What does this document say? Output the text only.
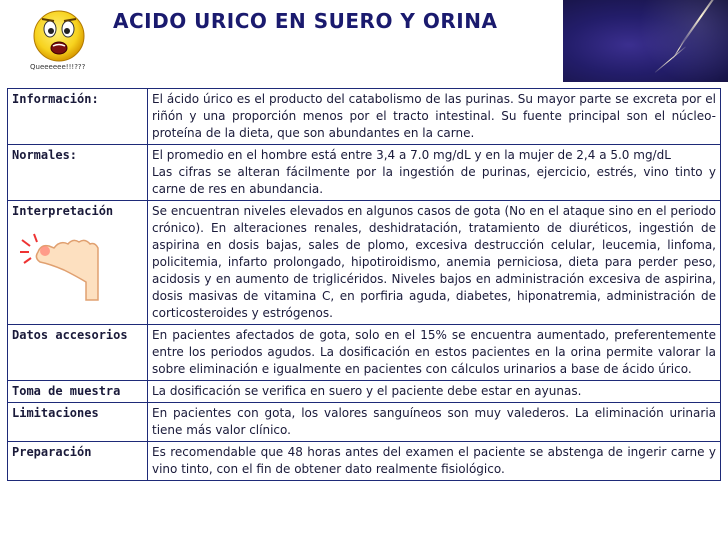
Queeeeee!!!???
ACIDO URICO EN SUERO Y ORINA
Información:	El ácido úrico es el producto del catabolismo de las purinas. Su mayor parte se excreta por el riñón y una proporción menos por el tracto intestinal. Su fuente principal son el núcleo-proteína de la dieta, que son abundantes en la carne.

Normales:	El promedio en el hombre está entre 3,4 a 7.0 mg/dL y en la mujer de 2,4 a 5.0 mg/dL
Las cifras se alteran fácilmente por la ingestión de purinas, ejercicio, estrés, vino tinto y carne de res en abundancia.

Interpretación	Se encuentran niveles elevados en algunos casos de gota (No en el ataque sino en el periodo crónico). En alteraciones renales, deshidratación, tratamiento de diuréticos, ingestión de aspirina en dosis bajas, sales de plomo, excesiva destrucción celular, leucemia, linfoma, policitemia, infarto prolongado, hipotiroidismo, anemia perniciosa, dieta para perder peso, acidosis y en aumento de triglicéridos. Niveles bajos en administración excesiva de aspirina, dosis masivas de vitamina C, en porfiria aguda, diabetes, hiponatremia, administración de corticosteroides y estrógenos.

Datos accesorios	En pacientes afectados de gota, solo en el 15% se encuentra aumentado, preferentemente entre los periodos agudos. La dosificación en estos pacientes en la orina permite valorar la sobre eliminación e igualmente en pacientes con cálculos urinarios a base de ácido úrico.

Toma de muestra	La dosificación se verifica en suero y el paciente debe estar en ayunas.

Limitaciones	En pacientes con gota, los valores sanguíneos son muy valederos. La eliminación urinaria tiene más valor clínico.

Preparación	Es recomendable que 48 horas antes del examen el paciente se abstenga de ingerir carne y vino tinto, con el fin de obtener dato realmente fisiológico.
